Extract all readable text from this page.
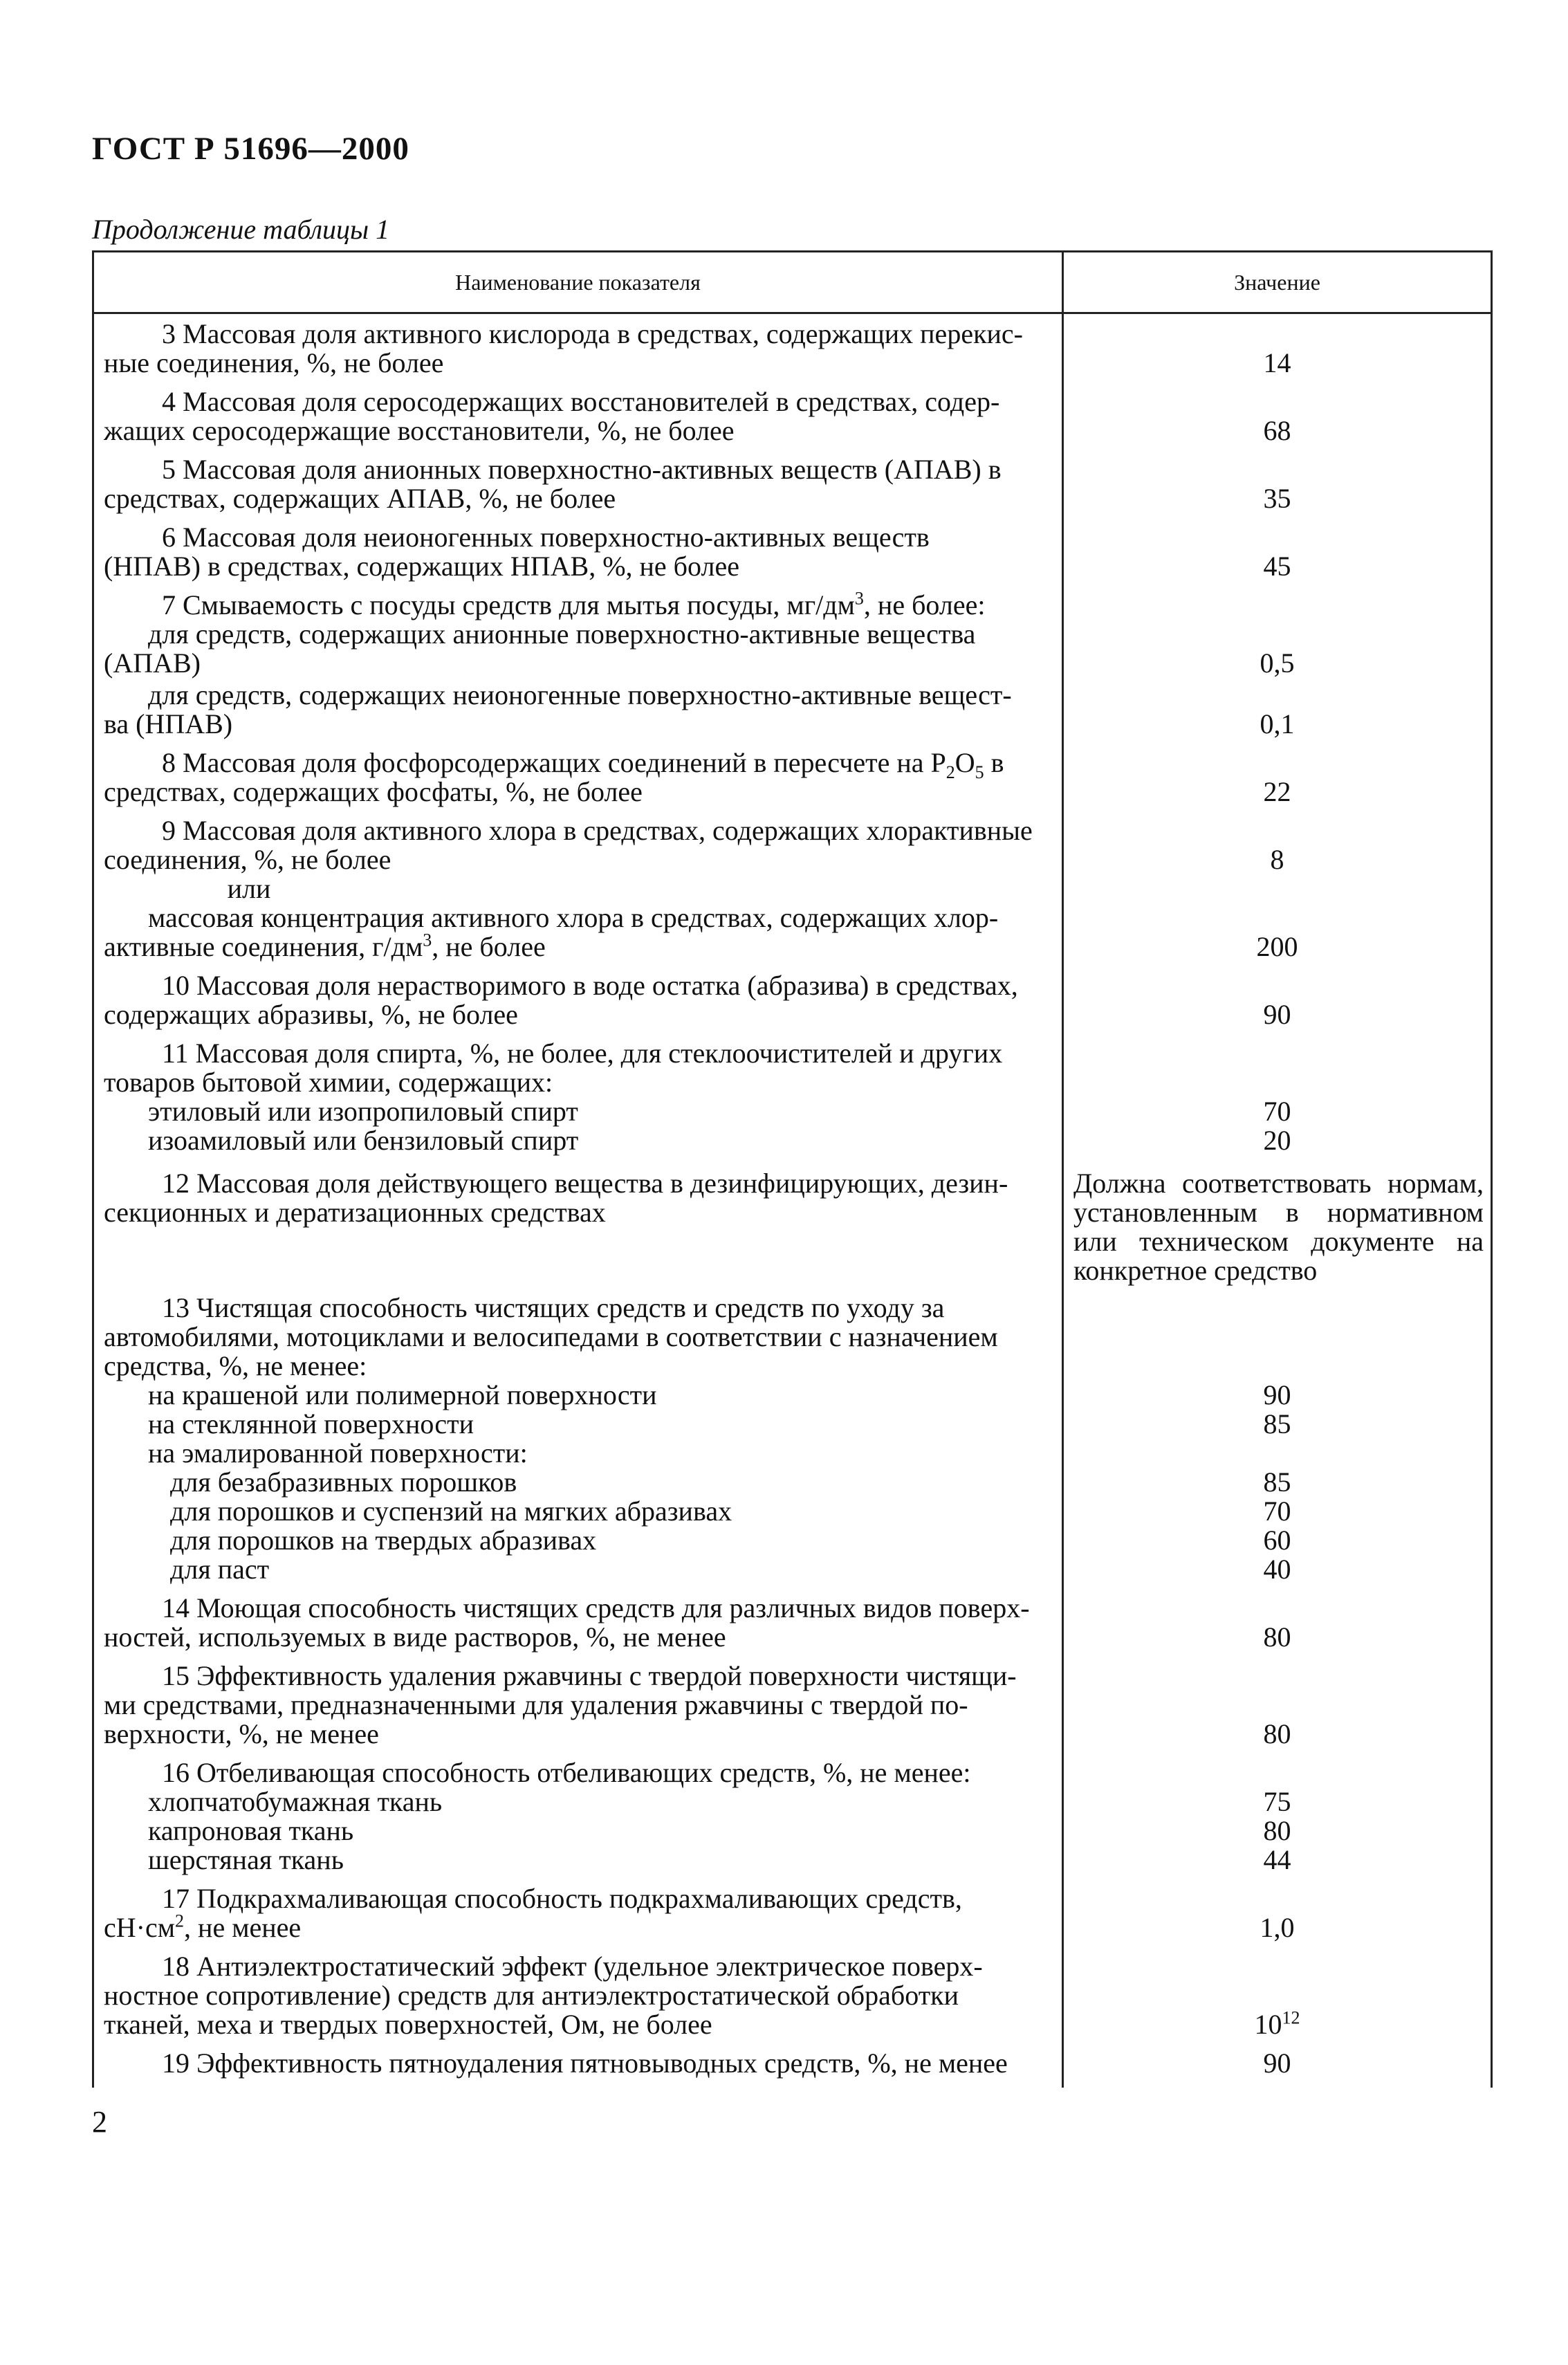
ГОСТ Р 51696—2000
Продолжение таблицы 1
Наименование показателя	Значение

3 Массовая доля активного кислорода в средствах, содержащих перекис-
ные соединения, %, не более	14

4 Массовая доля серосодержащих восстановителей в средствах, содер-
жащих серосодержащие восстановители, %, не более	68

5 Массовая доля анионных поверхностно-активных веществ (АПАВ) в
средствах, содержащих АПАВ, %, не более	35

6 Массовая доля неионогенных поверхностно-активных веществ
(НПАВ) в средствах, содержащих НПАВ, %, не более	45

7 Смываемость с посуды средств для мытья посуды, $мг/дм^3$, не более:
для средств, содержащих анионные поверхностно-активные вещества
(АПАВ)	0,5

для средств, содержащих неионогенные поверхностно-активные вещест-
ва (НПАВ)	0,1

8 Массовая доля фосфорсодержащих соединений в пересчете на $Р_2О_5$ в
средствах, содержащих фосфаты, %, не более	22

9 Массовая доля активного хлора в средствах, содержащих хлорактивные
соединения, %, не более	8

или
массовая концентрация активного хлора в средствах, содержащих хлор-
активные соединения, $г/дм^3$, не более	200

10 Массовая доля нерастворимого в воде остатка (абразива) в средствах,
содержащих абразивы, %, не более	90

11 Массовая доля спирта, %, не более, для стеклоочистителей и других
товаров бытовой химии, содержащих:
этиловый или изопропиловый спирт	70

изоамиловый или бензиловый спирт	20

12 Массовая доля действующего вещества в дезинфицирующих, дезин-
секционных и дератизационных средствах	Должна соответствовать нормам, установленным в нормативном или техническом документе на конкретное средство

13 Чистящая способность чистящих средств и средств по уходу за
автомобилями, мотоциклами и велосипедами в соответствии с назначением
средства, %, не менее:	

на крашеной или полимерной поверхности	90

на стеклянной поверхности	85

на эмалированной поверхности:	

для безабразивных порошков	85

для порошков и суспензий на мягких абразивах	70

для порошков на твердых абразивах	60

для паст	40

14 Моющая способность чистящих средств для различных видов поверх-
ностей, используемых в виде растворов, %, не менее	80

15 Эффективность удаления ржавчины с твердой поверхности чистящи-
ми средствами, предназначенными для удаления ржавчины с твердой по-
верхности, %, не менее	80

16 Отбеливающая способность отбеливающих средств, %, не менее:
хлопчатобумажная ткань	75

капроновая ткань	80

шерстяная ткань	44

17 Подкрахмаливающая способность подкрахмаливающих средств,
$сН\cdot см^2$, не менее	1,0

18 Антиэлектростатический эффект (удельное электрическое поверх-
ностное сопротивление) средств для антиэлектростатической обработки
тканей, меха и твердых поверхностей, Ом, не более	$10^{12}$

19 Эффективность пятноудаления пятновыводных средств, %, не менее	90
2
